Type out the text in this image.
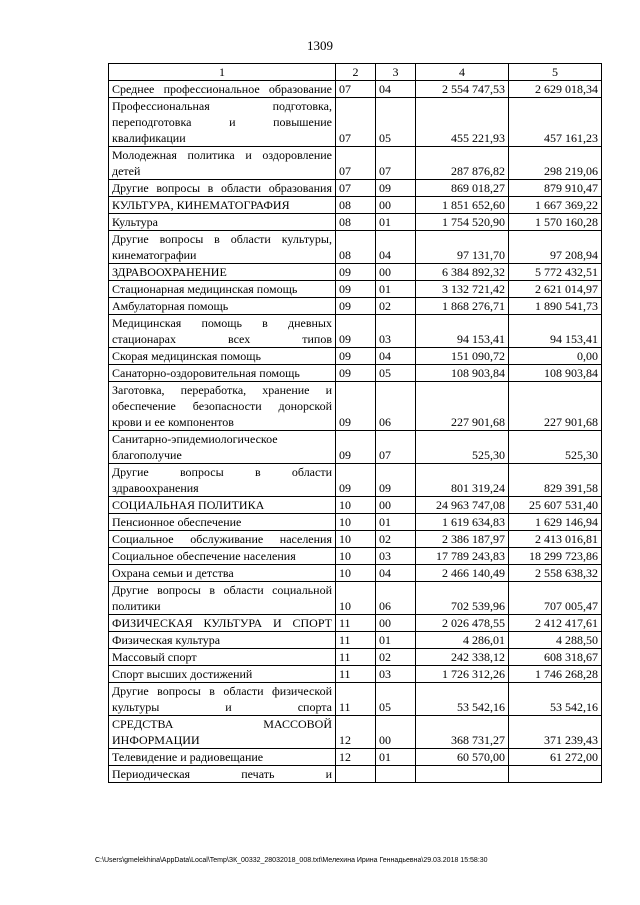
1309
1	2	3	4	5
Среднее профессиональное образование	07	04	2 554 747,53	2 629 018,34
Профессиональная подготовка, переподготовка и повышение квалификации	07	05	455 221,93	457 161,23
Молодежная политика и оздоровление детей	07	07	287 876,82	298 219,06
Другие вопросы в области образования	07	09	869 018,27	879 910,47
КУЛЬТУРА, КИНЕМАТОГРАФИЯ	08	00	1 851 652,60	1 667 369,22
Культура	08	01	1 754 520,90	1 570 160,28
Другие вопросы в области культуры, кинематографии	08	04	97 131,70	97 208,94
ЗДРАВООХРАНЕНИЕ	09	00	6 384 892,32	5 772 432,51
Стационарная медицинская помощь	09	01	3 132 721,42	2 621 014,97
Амбулаторная помощь	09	02	1 868 276,71	1 890 541,73
Медицинская помощь в дневных стационарах всех типов	09	03	94 153,41	94 153,41
Скорая медицинская помощь	09	04	151 090,72	0,00
Санаторно-оздоровительная помощь	09	05	108 903,84	108 903,84
Заготовка, переработка, хранение и обеспечение безопасности донорской крови и ее компонентов	09	06	227 901,68	227 901,68
Санитарно-эпидемиологическое благополучие	09	07	525,30	525,30
Другие вопросы в области здравоохранения	09	09	801 319,24	829 391,58
СОЦИАЛЬНАЯ ПОЛИТИКА	10	00	24 963 747,08	25 607 531,40
Пенсионное обеспечение	10	01	1 619 634,83	1 629 146,94
Социальное обслуживание населения	10	02	2 386 187,97	2 413 016,81
Социальное обеспечение населения	10	03	17 789 243,83	18 299 723,86
Охрана семьи и детства	10	04	2 466 140,49	2 558 638,32
Другие вопросы в области социальной политики	10	06	702 539,96	707 005,47
ФИЗИЧЕСКАЯ КУЛЬТУРА И СПОРТ	11	00	2 026 478,55	2 412 417,61
Физическая культура	11	01	4 286,01	4 288,50
Массовый спорт	11	02	242 338,12	608 318,67
Спорт высших достижений	11	03	1 726 312,26	1 746 268,28
Другие вопросы в области физической культуры и спорта	11	05	53 542,16	53 542,16
СРЕДСТВА МАССОВОЙ ИНФОРМАЦИИ	12	00	368 731,27	371 239,43
Телевидение и радиовещание	12	01	60 570,00	61 272,00
Периодическая печать и				
C:\Users\gmelekhina\AppData\Local\Temp\ЗК_00332_28032018_008.txt\Мелехина Ирина Геннадьевна\29.03.2018 15:58:30
